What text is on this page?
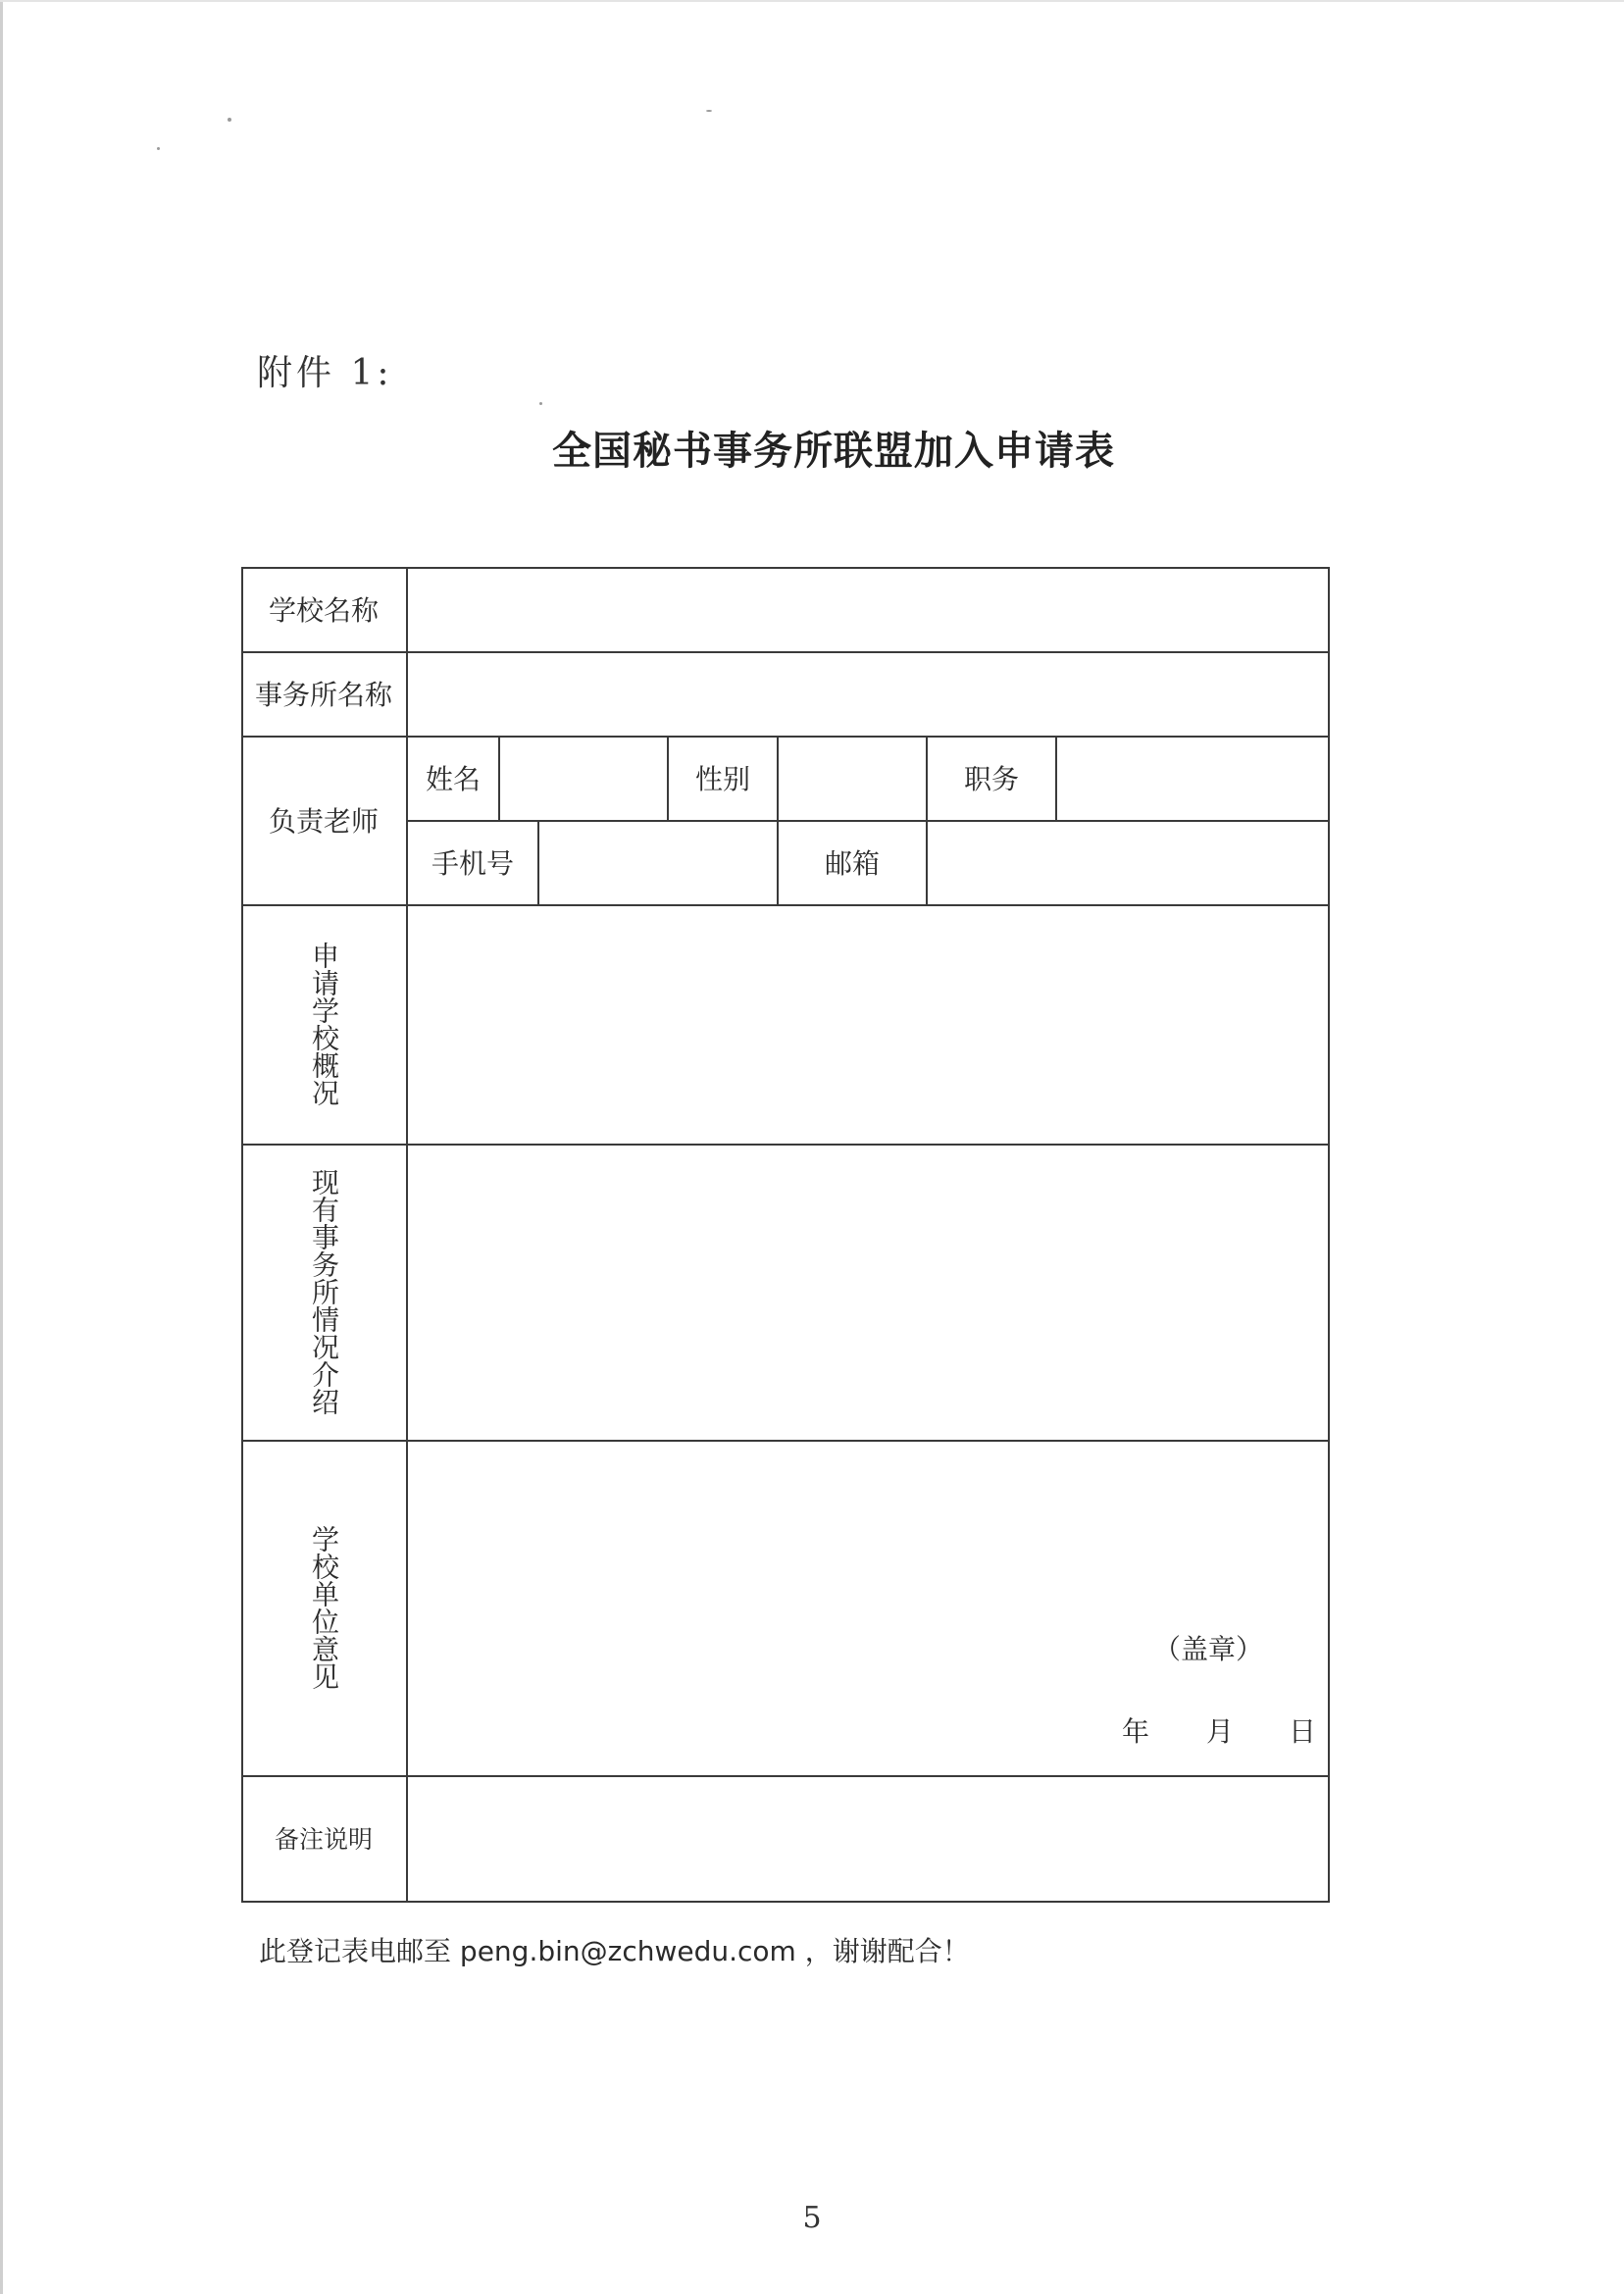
附件 1:
全国秘书事务所联盟加入申请表
学校名称
事务所名称
负责老师
姓名	性别	职务
手机号	邮箱
申请学校概况
现有事务所情况介绍
学校单位意见	（盖章）
年 月 日
备注说明
此登记表电邮至 peng.bin@zchwedu.com ，谢谢配合！
5
